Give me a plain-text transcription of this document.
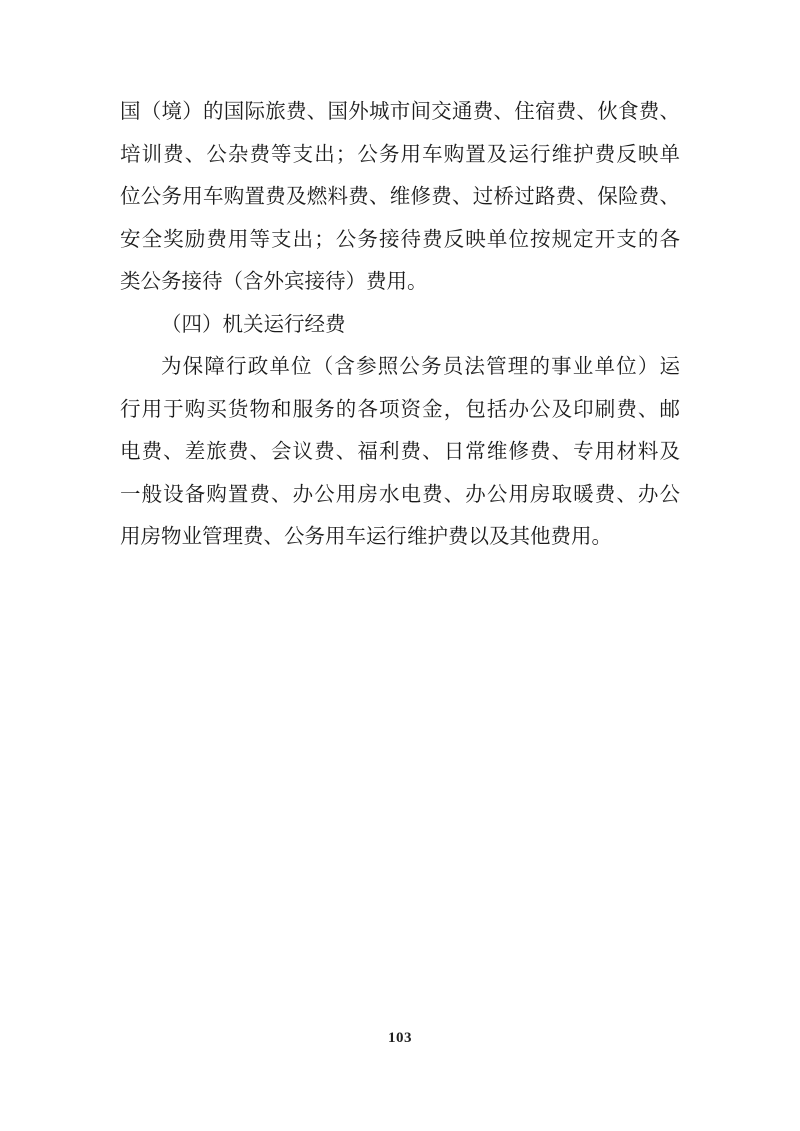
国（境）的国际旅费、国外城市间交通费、住宿费、伙食费、
培训费、公杂费等支出；公务用车购置及运行维护费反映单
位公务用车购置费及燃料费、维修费、过桥过路费、保险费、
安全奖励费用等支出；公务接待费反映单位按规定开支的各
类公务接待（含外宾接待）费用。
（四）机关运行经费
为保障行政单位（含参照公务员法管理的事业单位）运
行用于购买货物和服务的各项资金，包括办公及印刷费、邮
电费、差旅费、会议费、福利费、日常维修费、专用材料及
一般设备购置费、办公用房水电费、办公用房取暖费、办公
用房物业管理费、公务用车运行维护费以及其他费用。
103
